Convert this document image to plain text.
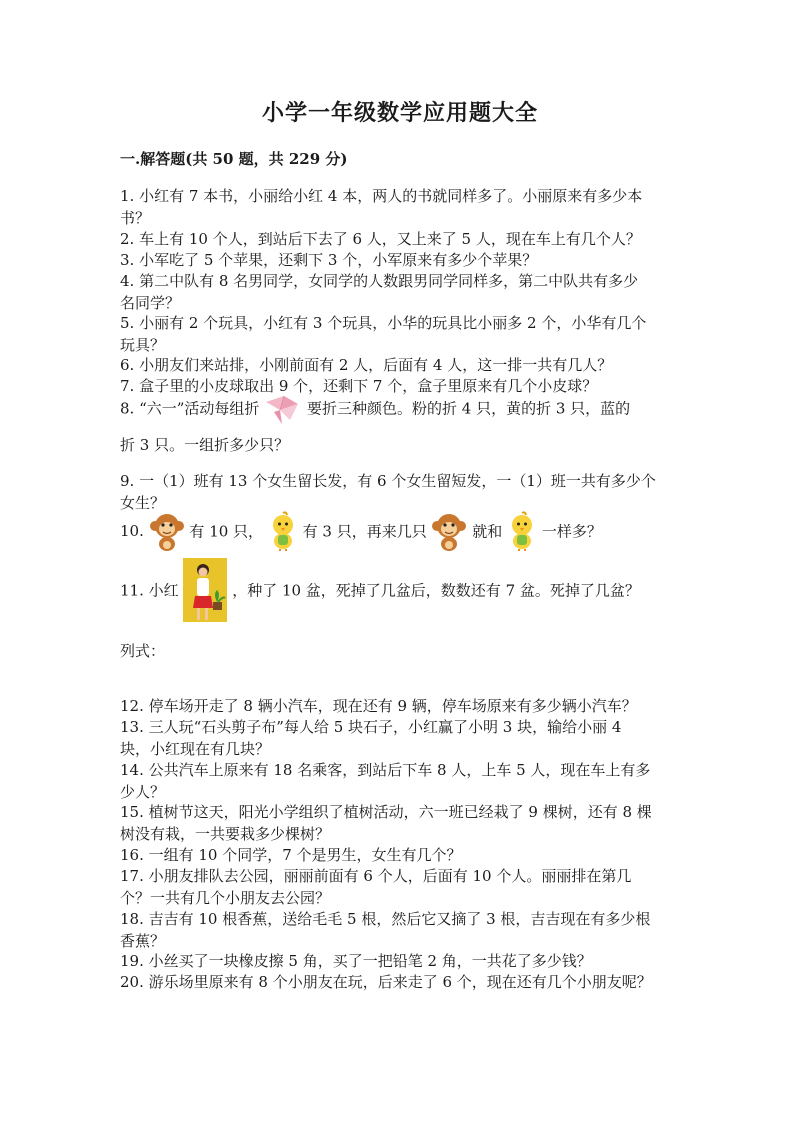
小学一年级数学应用题大全
一.解答题(共 50 题，共 229 分)
1. 小红有 7 本书，小丽给小红 4 本，两人的书就同样多了。小丽原来有多少本
书？
2. 车上有 10 个人，到站后下去了 6 人，又上来了 5 人，现在车上有几个人？
3. 小军吃了 5 个苹果，还剩下 3 个，小军原来有多少个苹果？
4. 第二中队有 8 名男同学，女同学的人数跟男同学同样多，第二中队共有多少
名同学？
5. 小丽有 2 个玩具，小红有 3 个玩具，小华的玩具比小丽多 2 个，小华有几个
玩具？
6. 小朋友们来站排，小刚前面有 2 人，后面有 4 人，这一排一共有几人？
7. 盒子里的小皮球取出 9 个，还剩下 7 个，盒子里原来有几个小皮球？
8. “六一”活动每组折	要折三种颜色。粉的折 4 只，黄的折 3 只，蓝的
折 3 只。一组折多少只？
9. 一（1）班有 13 个女生留长发，有 6 个女生留短发，一（1）班一共有多少个
女生？
10.	有 10 只，	有 3 只，再来几只	就和	一样多？
11. 小红	，种了 10 盆，死掉了几盆后，数数还有 7 盆。死掉了几盆？
列式：
12. 停车场开走了 8 辆小汽车，现在还有 9 辆，停车场原来有多少辆小汽车？
13. 三人玩“石头剪子布”每人给 5 块石子，小红赢了小明 3 块，输给小丽 4
块，小红现在有几块？
14. 公共汽车上原来有 18 名乘客，到站后下车 8 人，上车 5 人，现在车上有多
少人？
15. 植树节这天，阳光小学组织了植树活动，六一班已经栽了 9 棵树，还有 8 棵
树没有栽，一共要栽多少棵树？
16. 一组有 10 个同学，7 个是男生，女生有几个？
17. 小朋友排队去公园，丽丽前面有 6 个人，后面有 10 个人。丽丽排在第几
个？一共有几个小朋友去公园？
18. 吉吉有 10 根香蕉，送给毛毛 5 根，然后它又摘了 3 根，吉吉现在有多少根
香蕉？
19. 小丝买了一块橡皮擦 5 角，买了一把铅笔 2 角，一共花了多少钱？
20. 游乐场里原来有 8 个小朋友在玩，后来走了 6 个，现在还有几个小朋友呢？
